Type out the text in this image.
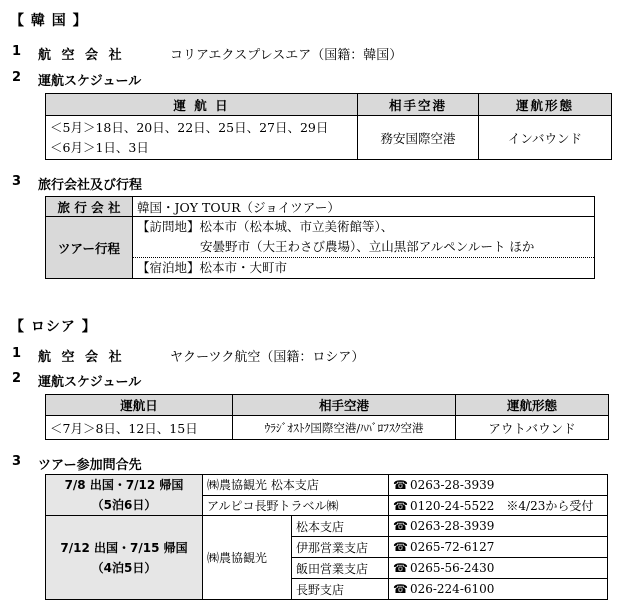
【 韓 国 】
1 航 空 会 社	コリアエクスプレスエア（国籍：韓国）
2 運航スケジュール
運 航 日	相手空港	運航形態

＜5月＞18日、20日、22日、25日、27日、29日
＜6月＞1日、3日	務安国際空港	インバウンド
3 旅行会社及び行程
旅 行 会 社	韓国・JOY TOUR（ジョイツアー）
ツアー行程	【訪問地】松本市（松本城、市立美術館等）、
安曇野市（大王わさび農場）、立山黒部アルペンルート ほか
【宿泊地】松本市・大町市
【 ロシア 】
1 航 空 会 社	ヤクーツク航空（国籍：ロシア）
2 運航スケジュール
運航日	相手空港	運航形態
＜7月＞8日、12日、15日	ｳﾗｼﾞｵｽﾄｸ国際空港/ﾊﾊﾞﾛﾌｽｸ空港	アウトバウンド
3 ツアー参加問合先
7/8 出国・7/12 帰国
（5泊6日）	㈱農協観光 松本支店	☎0263-28-3939
	アルピコ長野トラベル㈱	☎0120-24-5522 ※4/23から受付

7/12 出国・7/15 帰国
（4泊5日）	㈱農協観光	松本支店	☎0263-28-3939
		伊那営業支店	☎0265-72-6127
		飯田営業支店	☎0265-56-2430
		長野支店	☎026-224-6100
